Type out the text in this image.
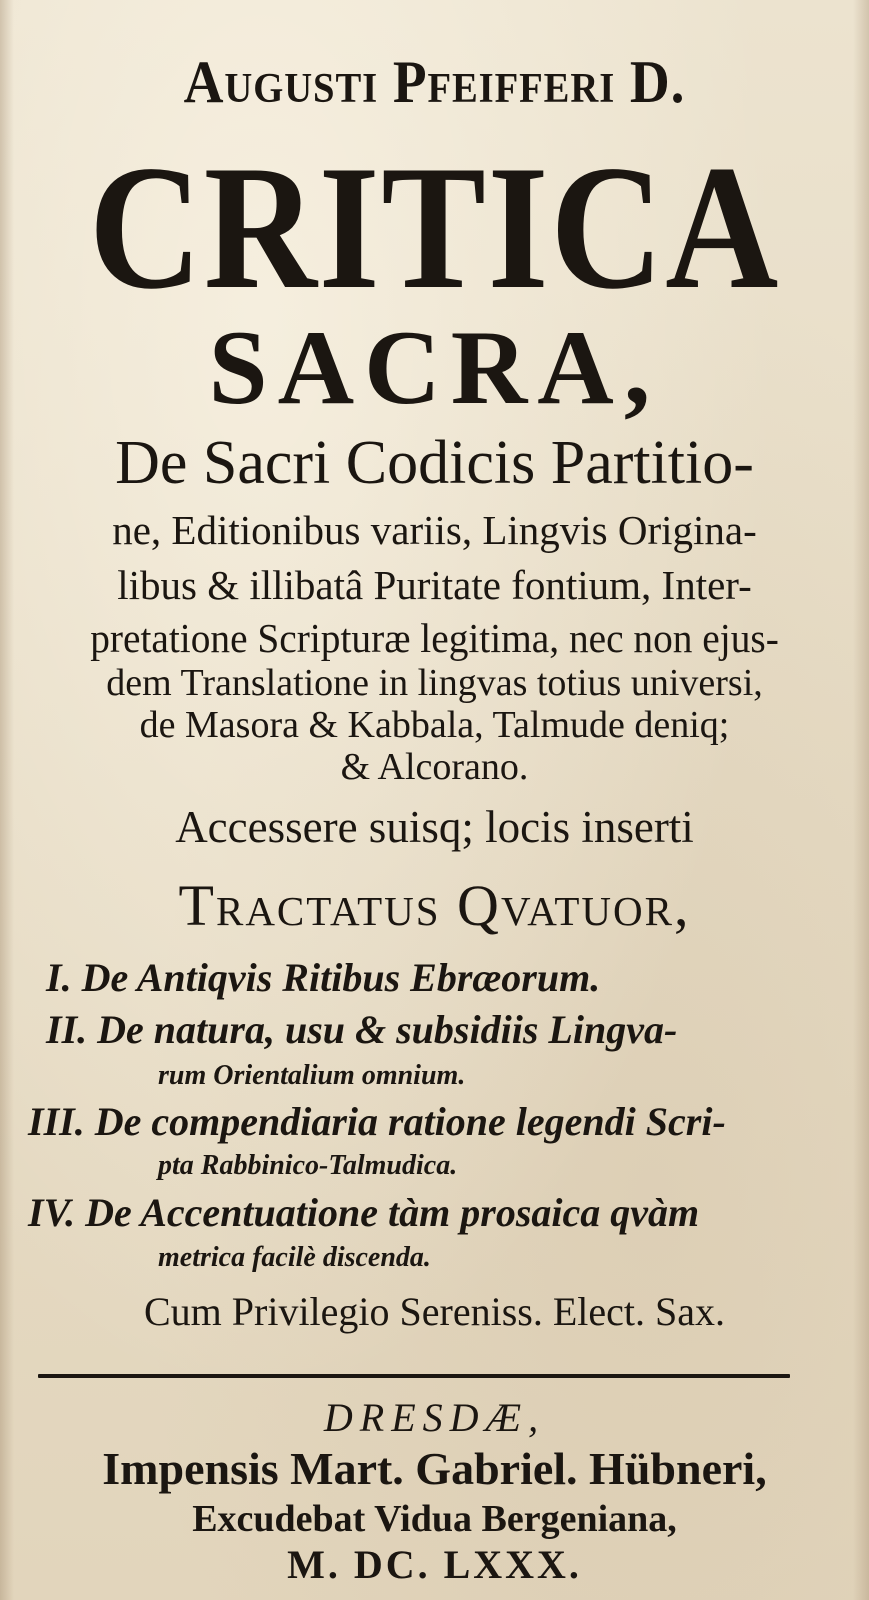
Augusti Pfeifferi D.
CRITICA
SACRA,
De Sacri Codicis Partitio-
ne, Editionibus variis, Lingvis Origina-
libus & illibatâ Puritate fontium, Inter-
pretatione Scripturæ legitima, nec non ejus-
dem Translatione in lingvas totius universi,
de Masora & Kabbala, Talmude deniq;
& Alcorano.
Accessere suisq; locis inserti
Tractatus Qvatuor,
I. De Antiqvis Ritibus Ebræorum.
II. De natura, usu & subsidiis Lingva-
rum Orientalium omnium.
III. De compendiaria ratione legendi Scri-
pta Rabbinico-Talmudica.
IV. De Accentuatione tàm prosaica qvàm
metrica facilè discenda.
Cum Privilegio Sereniss. Elect. Sax.
DRESDÆ,
Impensis Mart. Gabriel. Hübneri,
Excudebat Vidua Bergeniana,
M. DC. LXXX.
